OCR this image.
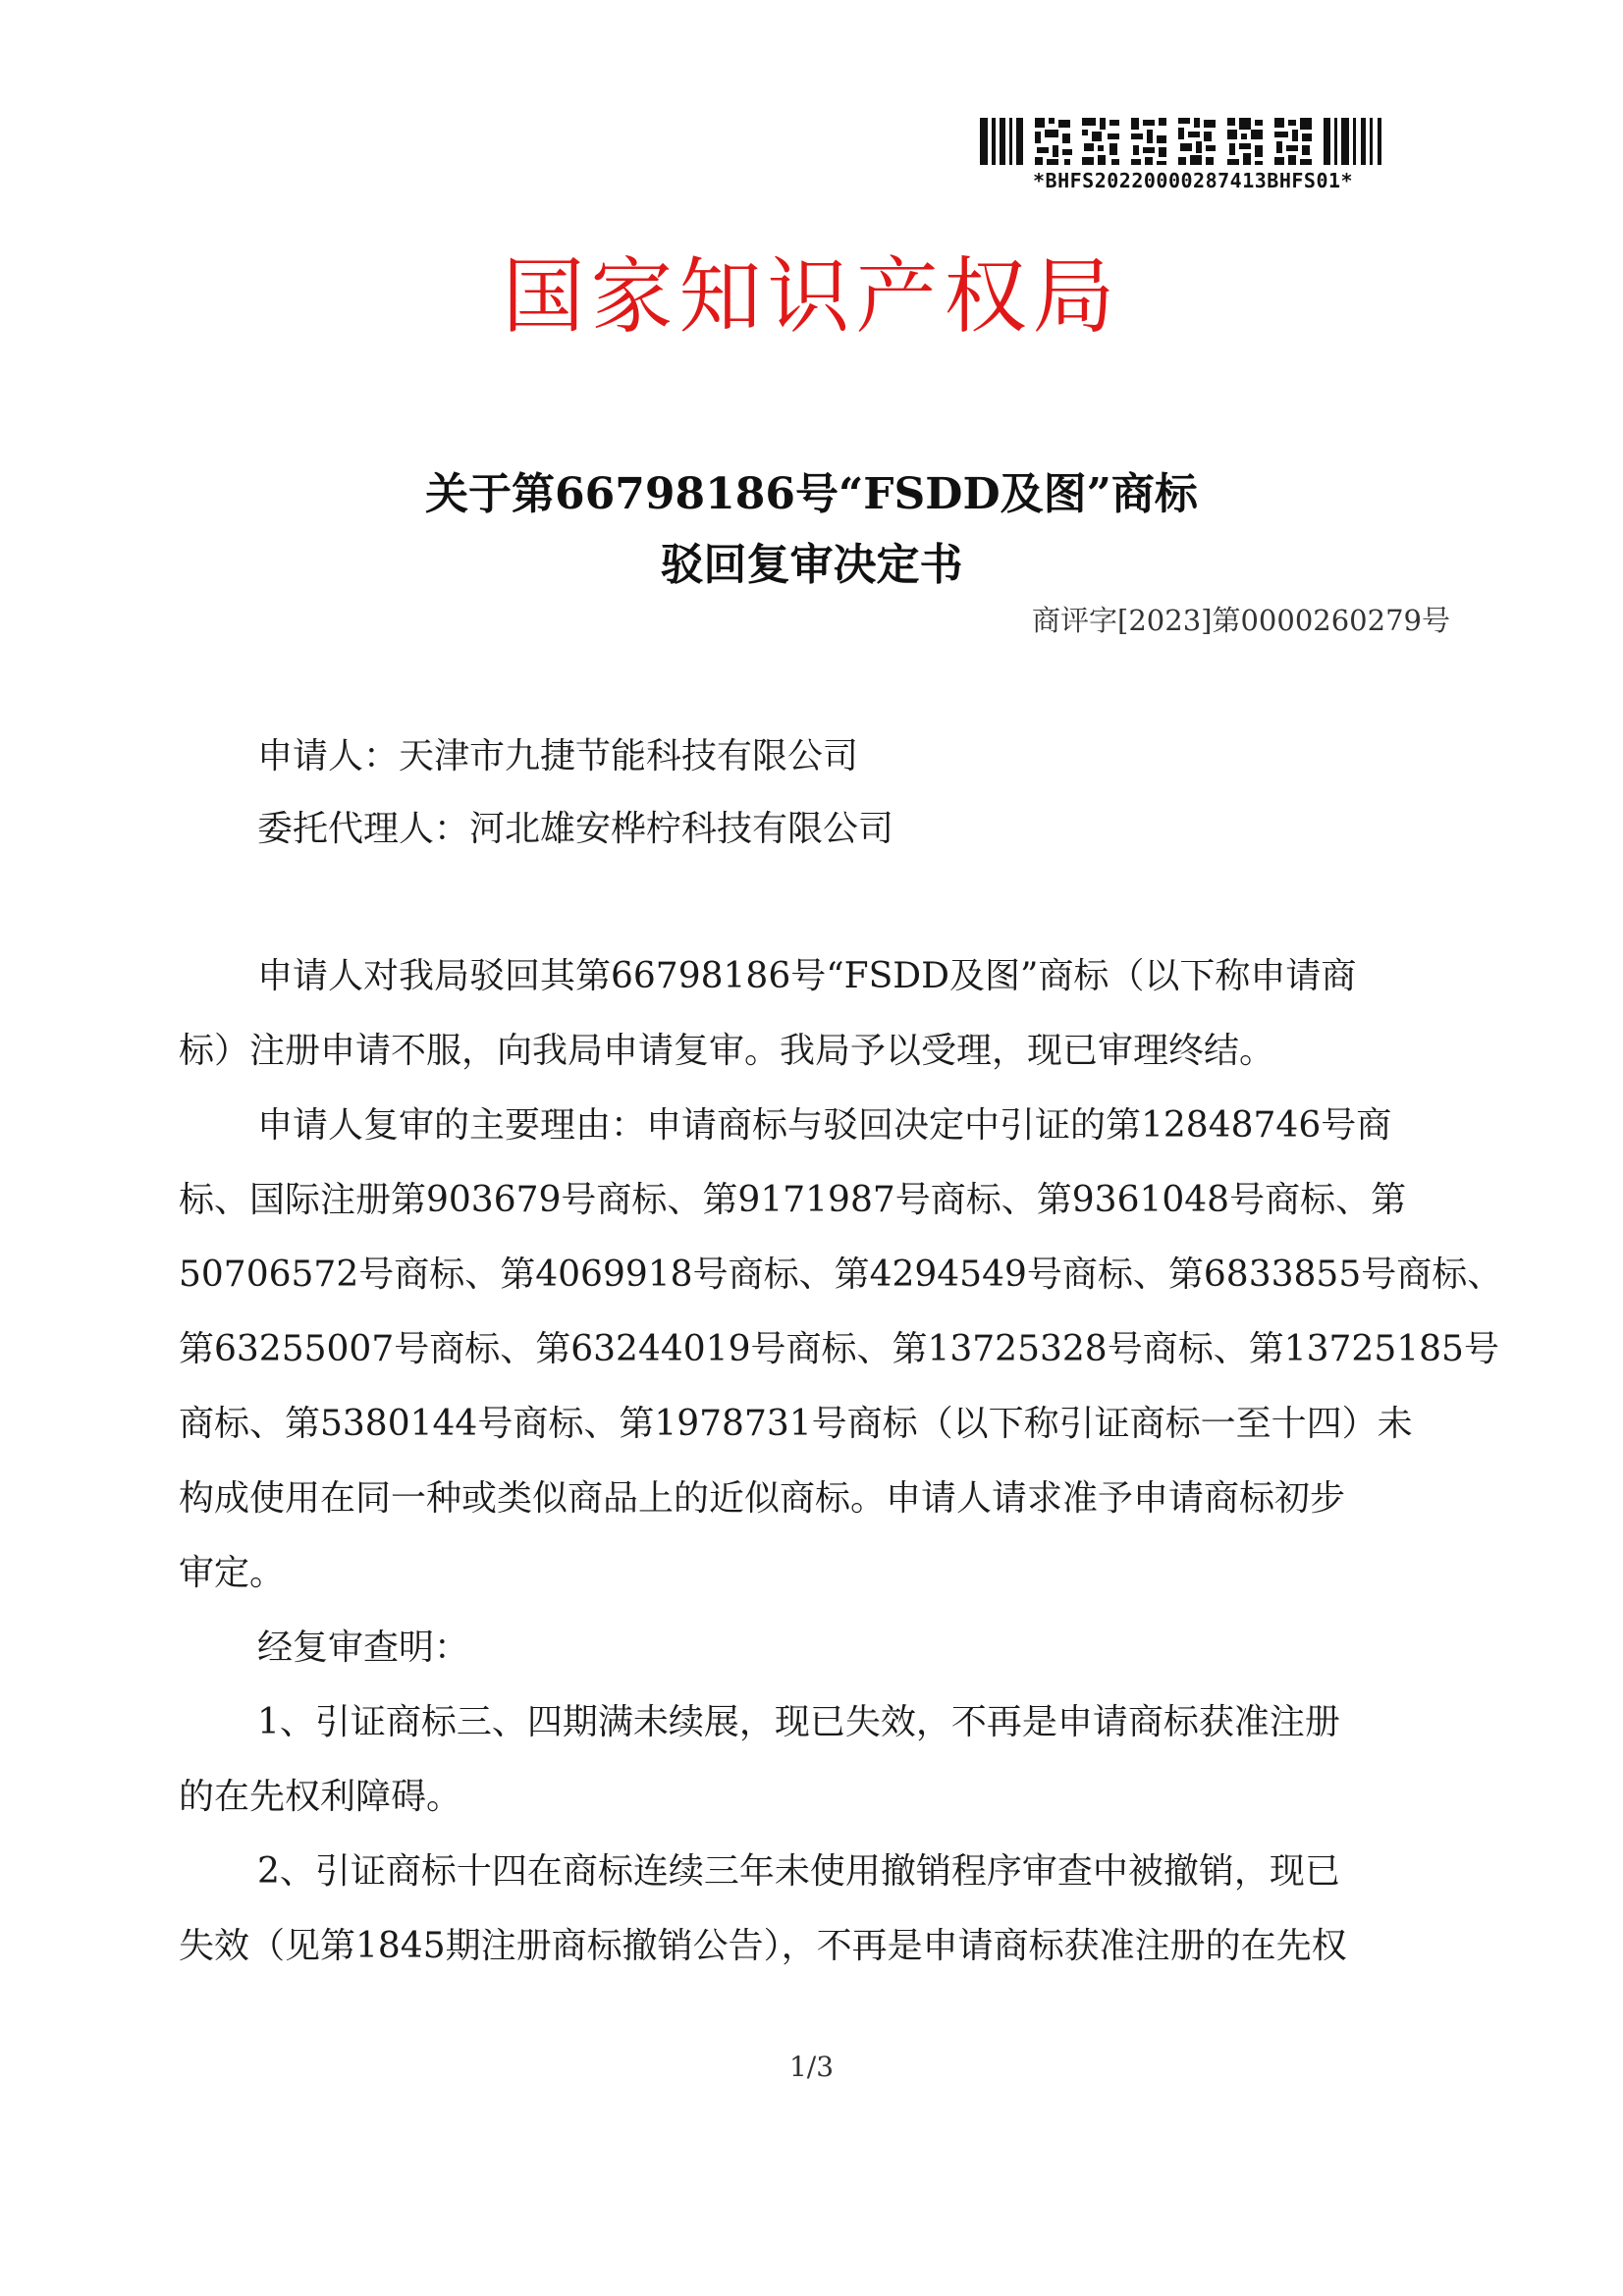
*BHFS20220000287413BHFS01*
国家知识产权局
关于第66798186号“FSDD及图”商标
驳回复审决定书
商评字[2023]第0000260279号
申请人：天津市九捷节能科技有限公司
委托代理人：河北雄安桦柠科技有限公司
申请人对我局驳回其第66798186号“FSDD及图”商标（以下称申请商
标）注册申请不服，向我局申请复审。我局予以受理，现已审理终结。
申请人复审的主要理由：申请商标与驳回决定中引证的第12848746号商
标、国际注册第903679号商标、第9171987号商标、第9361048号商标、第
50706572号商标、第4069918号商标、第4294549号商标、第6833855号商标、
第63255007号商标、第63244019号商标、第13725328号商标、第13725185号
商标、第5380144号商标、第1978731号商标（以下称引证商标一至十四）未
构成使用在同一种或类似商品上的近似商标。申请人请求准予申请商标初步
审定。
经复审查明：
1、引证商标三、四期满未续展，现已失效，不再是申请商标获准注册
的在先权利障碍。
2、引证商标十四在商标连续三年未使用撤销程序审查中被撤销，现已
失效（见第1845期注册商标撤销公告），不再是申请商标获准注册的在先权
1/3
